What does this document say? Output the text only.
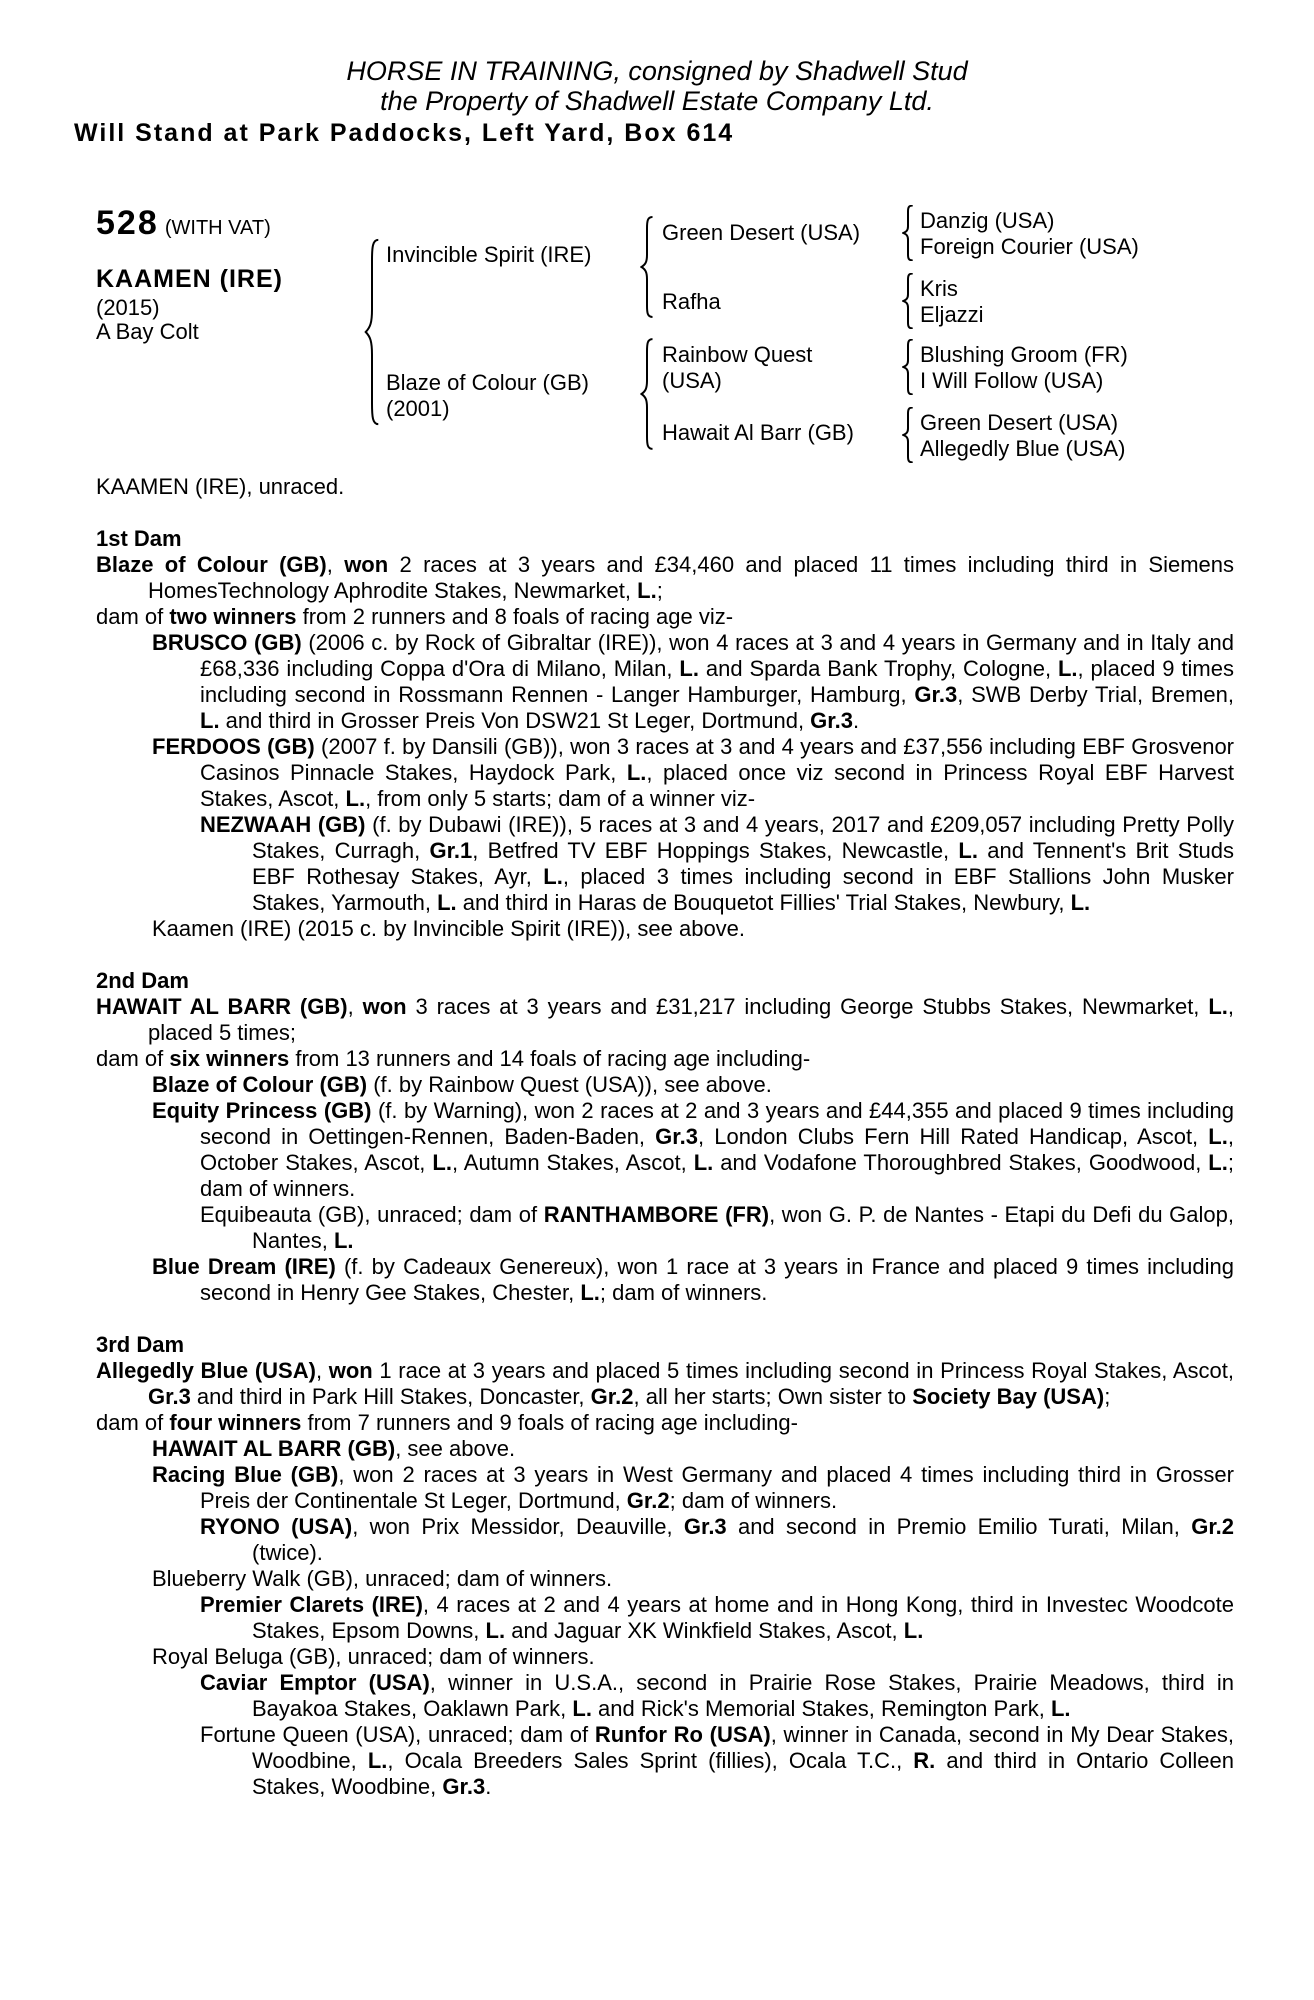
HORSE IN TRAINING, consigned by Shadwell Stud
the Property of Shadwell Estate Company Ltd.
Will Stand at Park Paddocks, Left Yard, Box 614
528 (WITH VAT)
KAAMEN (IRE)
(2015)
A Bay Colt
Invincible Spirit (IRE)
Blaze of Colour (GB)
(2001)
Green Desert (USA)
Rafha
Rainbow Quest (USA)
Hawait Al Barr (GB)
Danzig (USA)
Foreign Courier (USA)
Kris
Eljazzi
Blushing Groom (FR)
I Will Follow (USA)
Green Desert (USA)
Allegedly Blue (USA)
KAAMEN (IRE), unraced.
1st Dam
Blaze of Colour (GB), won 2 races at 3 years and £34,460 and placed 11 times including third in Siemens HomesTechnology Aphrodite Stakes, Newmarket, L.;
dam of two winners from 2 runners and 8 foals of racing age viz-
BRUSCO (GB) (2006 c. by Rock of Gibraltar (IRE)), won 4 races at 3 and 4 years in Germany and in Italy and £68,336 including Coppa d'Ora di Milano, Milan, L. and Sparda Bank Trophy, Cologne, L., placed 9 times including second in Rossmann Rennen - Langer Hamburger, Hamburg, Gr.3, SWB Derby Trial, Bremen, L. and third in Grosser Preis Von DSW21 St Leger, Dortmund, Gr.3.
FERDOOS (GB) (2007 f. by Dansili (GB)), won 3 races at 3 and 4 years and £37,556 including EBF Grosvenor Casinos Pinnacle Stakes, Haydock Park, L., placed once viz second in Princess Royal EBF Harvest Stakes, Ascot, L., from only 5 starts; dam of a winner viz-
NEZWAAH (GB) (f. by Dubawi (IRE)), 5 races at 3 and 4 years, 2017 and £209,057 including Pretty Polly Stakes, Curragh, Gr.1, Betfred TV EBF Hoppings Stakes, Newcastle, L. and Tennent's Brit Studs EBF Rothesay Stakes, Ayr, L., placed 3 times including second in EBF Stallions John Musker Stakes, Yarmouth, L. and third in Haras de Bouquetot Fillies' Trial Stakes, Newbury, L.
Kaamen (IRE) (2015 c. by Invincible Spirit (IRE)), see above.
2nd Dam
HAWAIT AL BARR (GB), won 3 races at 3 years and £31,217 including George Stubbs Stakes, Newmarket, L., placed 5 times;
dam of six winners from 13 runners and 14 foals of racing age including-
Blaze of Colour (GB) (f. by Rainbow Quest (USA)), see above.
Equity Princess (GB) (f. by Warning), won 2 races at 2 and 3 years and £44,355 and placed 9 times including second in Oettingen-Rennen, Baden-Baden, Gr.3, London Clubs Fern Hill Rated Handicap, Ascot, L., October Stakes, Ascot, L., Autumn Stakes, Ascot, L. and Vodafone Thoroughbred Stakes, Goodwood, L.; dam of winners.
Equibeauta (GB), unraced; dam of RANTHAMBORE (FR), won G. P. de Nantes - Etapi du Defi du Galop, Nantes, L.
Blue Dream (IRE) (f. by Cadeaux Genereux), won 1 race at 3 years in France and placed 9 times including second in Henry Gee Stakes, Chester, L.; dam of winners.
3rd Dam
Allegedly Blue (USA), won 1 race at 3 years and placed 5 times including second in Princess Royal Stakes, Ascot, Gr.3 and third in Park Hill Stakes, Doncaster, Gr.2, all her starts; Own sister to Society Bay (USA);
dam of four winners from 7 runners and 9 foals of racing age including-
HAWAIT AL BARR (GB), see above.
Racing Blue (GB), won 2 races at 3 years in West Germany and placed 4 times including third in Grosser Preis der Continentale St Leger, Dortmund, Gr.2; dam of winners.
RYONO (USA), won Prix Messidor, Deauville, Gr.3 and second in Premio Emilio Turati, Milan, Gr.2 (twice).
Blueberry Walk (GB), unraced; dam of winners.
Premier Clarets (IRE), 4 races at 2 and 4 years at home and in Hong Kong, third in Investec Woodcote Stakes, Epsom Downs, L. and Jaguar XK Winkfield Stakes, Ascot, L.
Royal Beluga (GB), unraced; dam of winners.
Caviar Emptor (USA), winner in U.S.A., second in Prairie Rose Stakes, Prairie Meadows, third in Bayakoa Stakes, Oaklawn Park, L. and Rick's Memorial Stakes, Remington Park, L.
Fortune Queen (USA), unraced; dam of Runfor Ro (USA), winner in Canada, second in My Dear Stakes, Woodbine, L., Ocala Breeders Sales Sprint (fillies), Ocala T.C., R. and third in Ontario Colleen Stakes, Woodbine, Gr.3.
